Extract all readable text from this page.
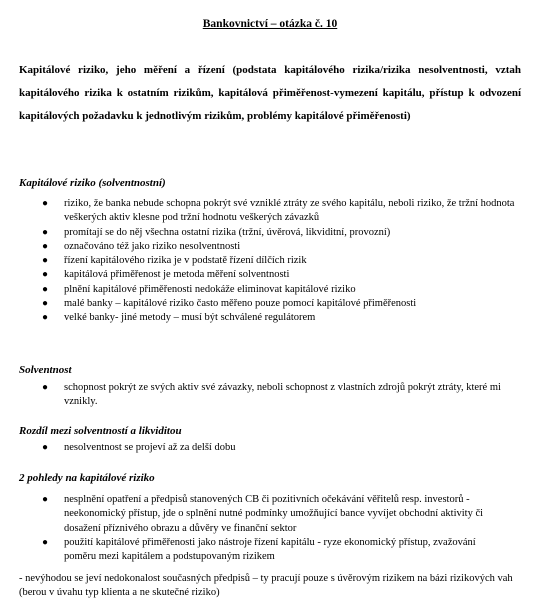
Bankovnictví – otázka č. 10
Kapitálové riziko, jeho měření a řízení (podstata kapitálového rizika/rizika nesolventnosti, vztah kapitálového rizika k ostatním rizikům, kapitálová přiměřenost-vymezení kapitálu, přístup k odvození kapitálových požadavku k jednotlivým rizikům, problémy kapitálové přiměřenosti)
Kapitálové riziko (solventnostní)
● riziko, že banka nebude schopna pokrýt své vzniklé ztráty ze svého kapitálu, neboli riziko, že tržní hodnota veškerých aktiv klesne pod tržní hodnotu veškerých závazků
● promítají se do něj všechna ostatní rizika (tržní, úvěrová, likviditní, provozní)
● označováno též jako riziko nesolventnosti
● řízení kapitálového rizika je v podstatě řízení dílčích rizik
● kapitálová přiměřenost je metoda měření solventnosti
● plnění kapitálové přiměřenosti nedokáže eliminovat kapitálové riziko
● malé banky – kapitálové riziko často měřeno pouze pomocí kapitálové přiměřenosti
● velké banky- jiné metody – musí být schválené regulátorem
Solventnost
● schopnost pokrýt ze svých aktiv své závazky, neboli schopnost z vlastních zdrojů pokrýt ztráty, které mi vznikly.
Rozdíl mezi solventností a likviditou
● nesolventnost se projeví až za delší dobu
2 pohledy na kapitálové riziko
● nesplnění opatření a předpisů stanovených CB či pozitivních očekávání věřitelů resp. investorů - neekonomický přístup, jde o splnění nutné podmínky umožňující bance vyvíjet obchodní aktivity či dosažení příznivého obrazu a důvěry ve finanční sektor
● použití kapitálové přiměřenosti jako nástroje řízení kapitálu - ryze ekonomický přístup, zvažování poměru mezi kapitálem a podstupovaným rizikem
- nevýhodou se jeví nedokonalost současných předpisů – ty pracují pouze s úvěrovým rizikem na bázi rizikových vah (berou v úvahu typ klienta a ne skutečné riziko)
